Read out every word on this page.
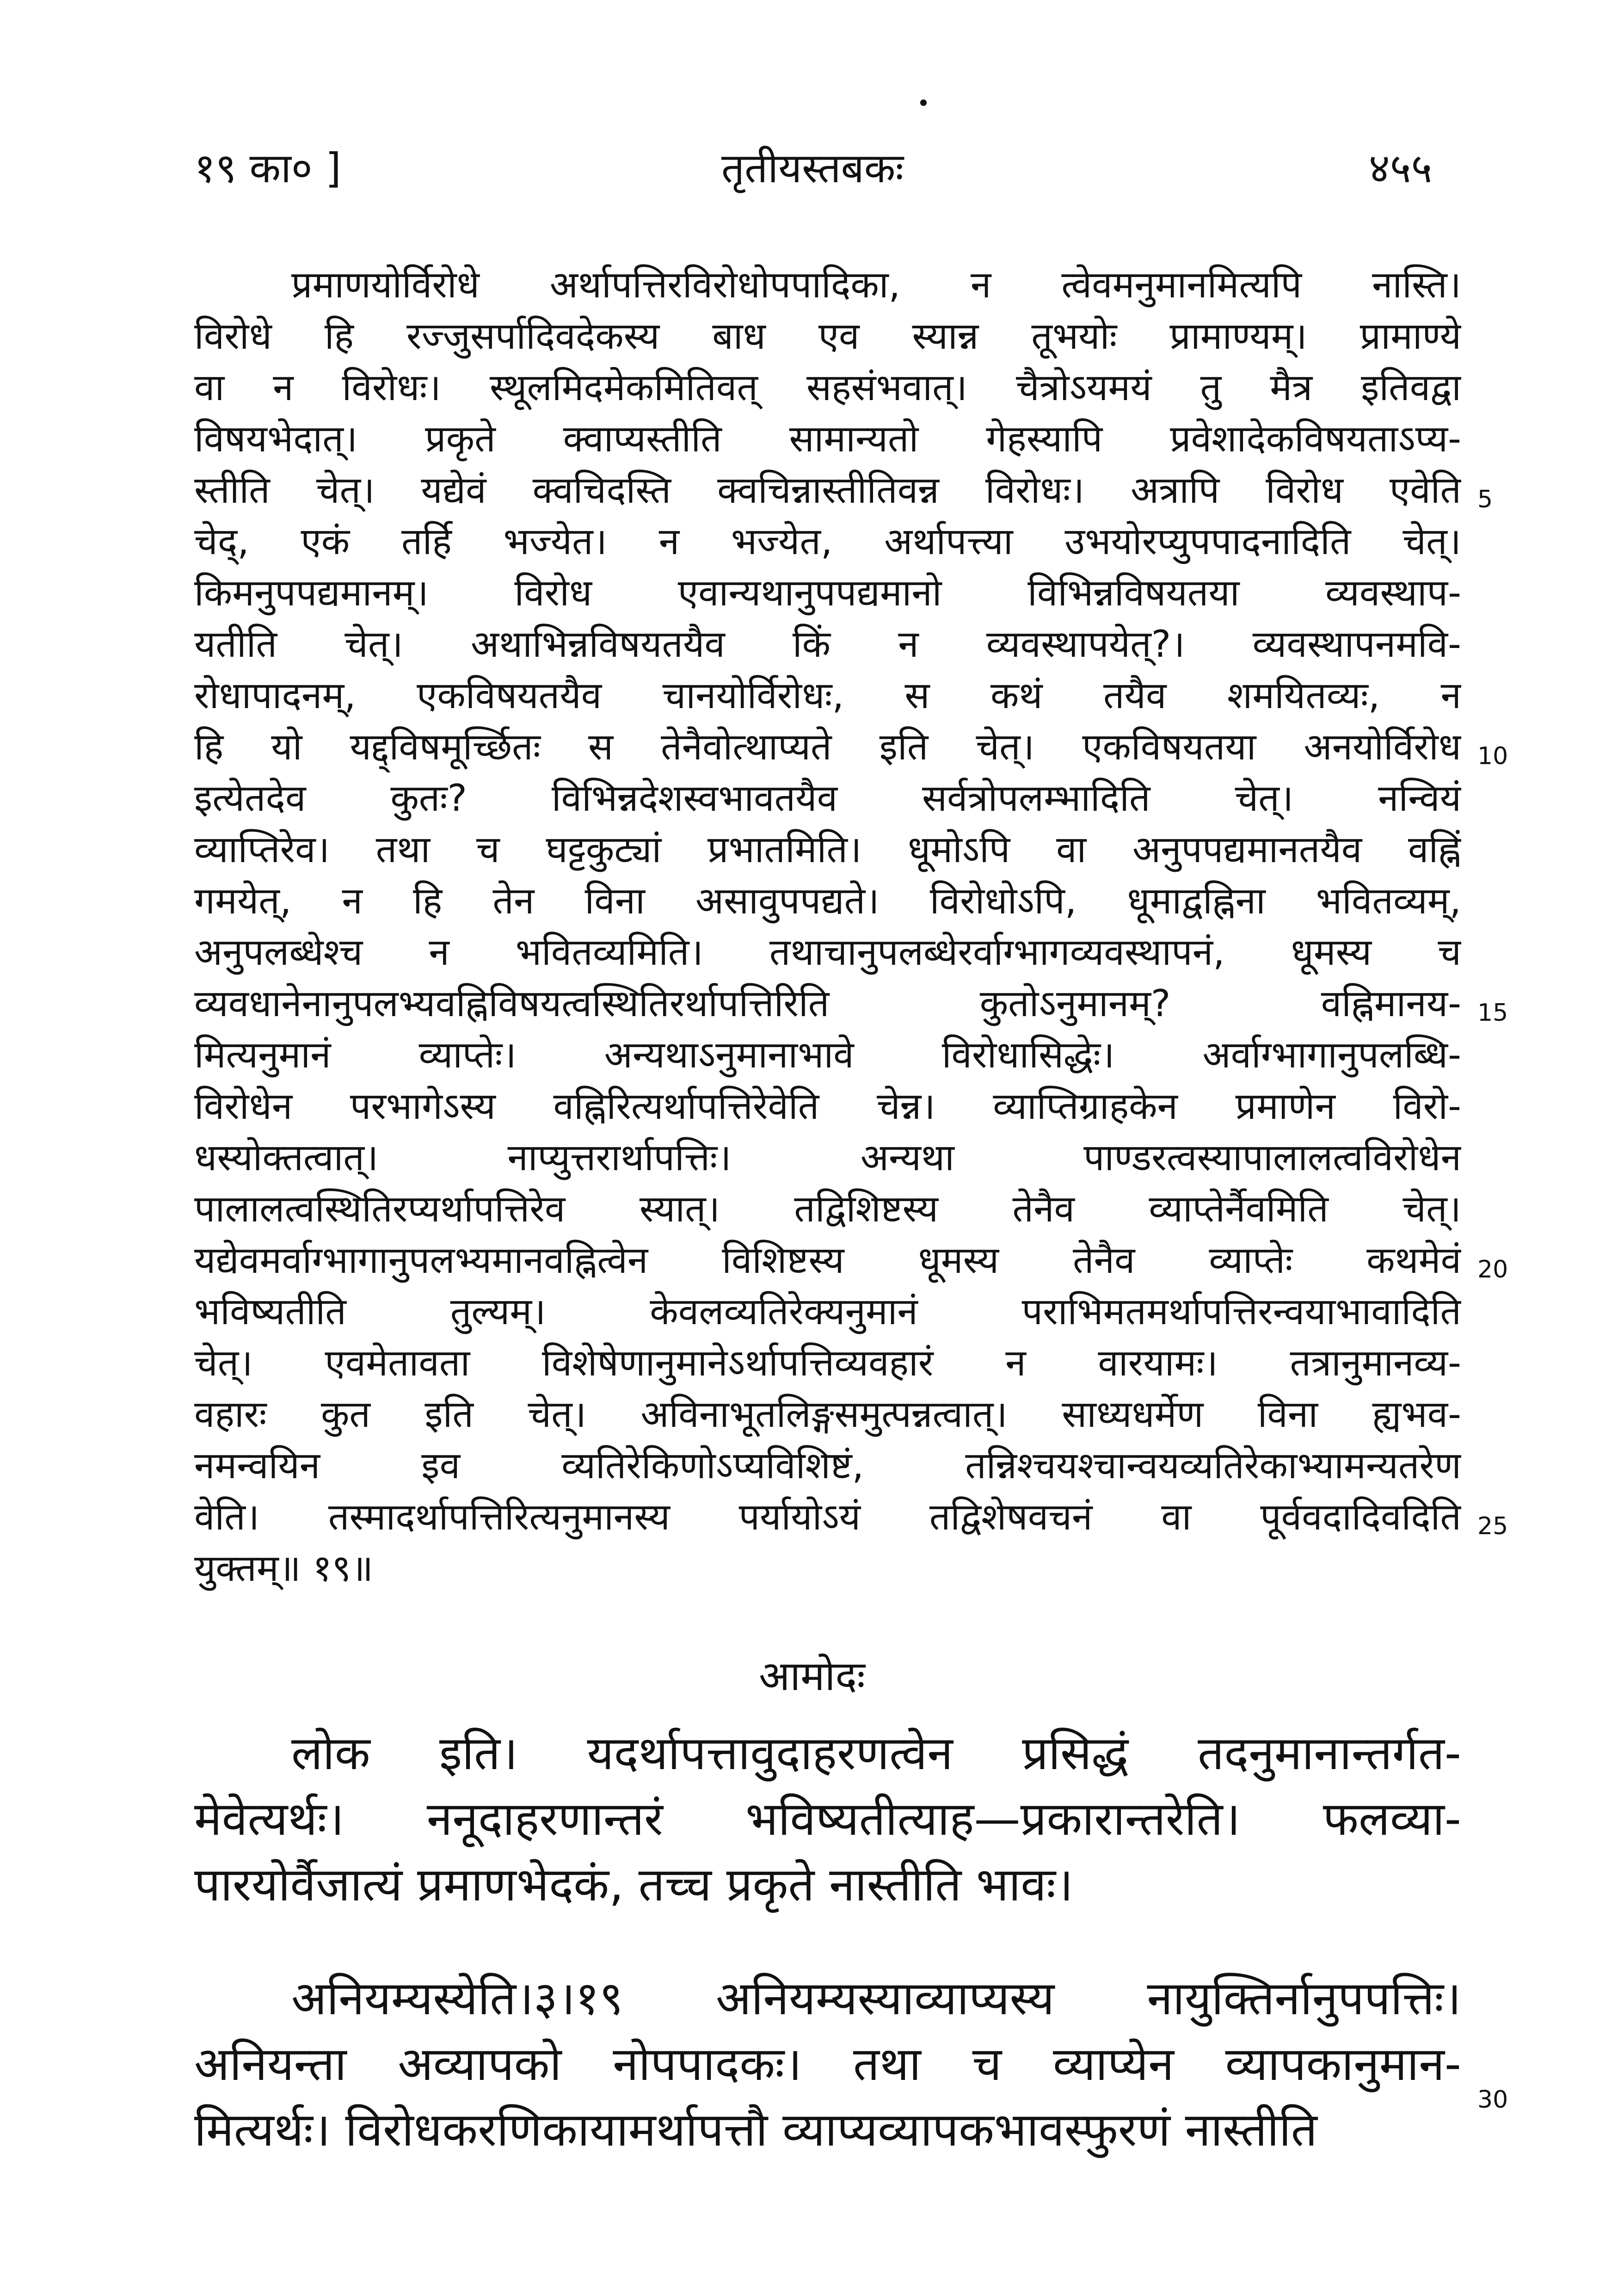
१९ का० ]	तृतीयस्तबकः	४५५
प्रमाणयोर्विरोधे अर्थापत्तिरविरोधोपपादिका, न त्वेवमनुमानमित्यपि नास्ति।
विरोधे हि रज्जुसर्पादिवदेकस्य बाध एव स्यान्न तूभयोः प्रामाण्यम्। प्रामाण्ये
वा न विरोधः। स्थूलमिदमेकमितिवत् सहसंभवात्। चैत्रोऽयमयं तु मैत्र इतिवद्वा
विषयभेदात्। प्रकृते क्वाप्यस्तीति सामान्यतो गेहस्यापि प्रवेशादेकविषयताऽप्य-
स्तीति चेत्। यद्येवं क्वचिदस्ति क्वचिन्नास्तीतिवन्न विरोधः। अत्रापि विरोध एवेति
चेद्, एकं तर्हि भज्येत। न भज्येत, अर्थापत्त्या उभयोरप्युपपादनादिति चेत्।
किमनुपपद्यमानम्। विरोध एवान्यथानुपपद्यमानो विभिन्नविषयतया व्यवस्थाप-
यतीति चेत्। अथाभिन्नविषयतयैव किं न व्यवस्थापयेत्?। व्यवस्थापनमवि-
रोधापादनम्, एकविषयतयैव चानयोर्विरोधः, स कथं तयैव शमयितव्यः, न
हि यो यद्द्विषमूर्च्छितः स तेनैवोत्थाप्यते इति चेत्। एकविषयतया अनयोर्विरोध
इत्येतदेव कुतः? विभिन्नदेशस्वभावतयैव सर्वत्रोपलम्भादिति चेत्। नन्वियं
व्याप्तिरेव। तथा च घट्टकुट्यां प्रभातमिति। धूमोऽपि वा अनुपपद्यमानतयैव वह्निं
गमयेत्, न हि तेन विना असावुपपद्यते। विरोधोऽपि, धूमाद्वह्निना भवितव्यम्,
अनुपलब्धेश्च न भवितव्यमिति। तथाचानुपलब्धेरर्वाग्भागव्यवस्थापनं, धूमस्य च
व्यवधानेनानुपलभ्यवह्निविषयत्वस्थितिरर्थापत्तिरिति कुतोऽनुमानम्? वह्निमानय-
मित्यनुमानं व्याप्तेः। अन्यथाऽनुमानाभावे विरोधासिद्धेः। अर्वाग्भागानुपलब्धि-
विरोधेन परभागेऽस्य वह्निरित्यर्थापत्तिरेवेति चेन्न। व्याप्तिग्राहकेन प्रमाणेन विरो-
धस्योक्तत्वात्। नाप्युत्तरार्थापत्तिः। अन्यथा पाण्डरत्वस्यापालालत्वविरोधेन
पालालत्वस्थितिरप्यर्थापत्तिरेव स्यात्। तद्विशिष्टस्य तेनैव व्याप्तेर्नैवमिति चेत्।
यद्येवमर्वाग्भागानुपलभ्यमानवह्नित्वेन विशिष्टस्य धूमस्य तेनैव व्याप्तेः कथमेवं
भविष्यतीति तुल्यम्। केवलव्यतिरेक्यनुमानं पराभिमतमर्थापत्तिरन्वयाभावादिति
चेत्। एवमेतावता विशेषेणानुमानेऽर्थापत्तिव्यवहारं न वारयामः। तत्रानुमानव्य-
वहारः कुत इति चेत्। अविनाभूतलिङ्गसमुत्पन्नत्वात्। साध्यधर्मेण विना ह्यभव-
नमन्वयिन इव व्यतिरेकिणोऽप्यविशिष्टं, तन्निश्चयश्चान्वयव्यतिरेकाभ्यामन्यतरेण
वेति। तस्मादर्थापत्तिरित्यनुमानस्य पर्यायोऽयं तद्विशेषवचनं वा पूर्ववदादिवदिति
युक्तम्॥ १९॥
5
10
15
20
25
30
आमोदः
लोक इति। यदर्थापत्तावुदाहरणत्वेन प्रसिद्धं तदनुमानान्तर्गत-
मेवेत्यर्थः। ननूदाहरणान्तरं भविष्यतीत्याह—प्रकारान्तरेति। फलव्या-
पारयोर्वैजात्यं प्रमाणभेदकं, तच्च प्रकृते नास्तीति भावः।
अनियम्यस्येति।३।१९ अनियम्यस्याव्याप्यस्य नायुक्तिर्नानुपपत्तिः।
अनियन्ता अव्यापको नोपपादकः। तथा च व्याप्येन व्यापकानुमान-
मित्यर्थः। विरोधकरणिकायामर्थापत्तौ व्याप्यव्यापकभावस्फुरणं नास्तीति
